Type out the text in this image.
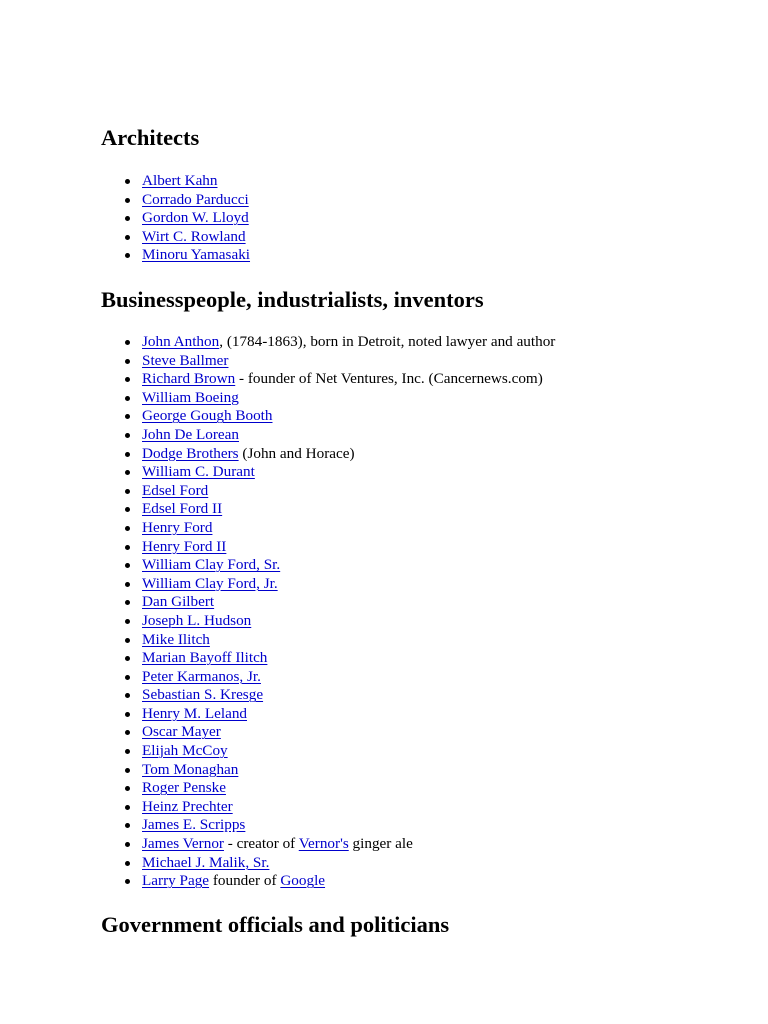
Architects
Albert Kahn
Corrado Parducci
Gordon W. Lloyd
Wirt C. Rowland
Minoru Yamasaki
Businesspeople, industrialists, inventors
John Anthon, (1784-1863), born in Detroit, noted lawyer and author
Steve Ballmer
Richard Brown - founder of Net Ventures, Inc. (Cancernews.com)
William Boeing
George Gough Booth
John De Lorean
Dodge Brothers (John and Horace)
William C. Durant
Edsel Ford
Edsel Ford II
Henry Ford
Henry Ford II
William Clay Ford, Sr.
William Clay Ford, Jr.
Dan Gilbert
Joseph L. Hudson
Mike Ilitch
Marian Bayoff Ilitch
Peter Karmanos, Jr.
Sebastian S. Kresge
Henry M. Leland
Oscar Mayer
Elijah McCoy
Tom Monaghan
Roger Penske
Heinz Prechter
James E. Scripps
James Vernor - creator of Vernor's ginger ale
Michael J. Malik, Sr.
Larry Page founder of Google
Government officials and politicians
